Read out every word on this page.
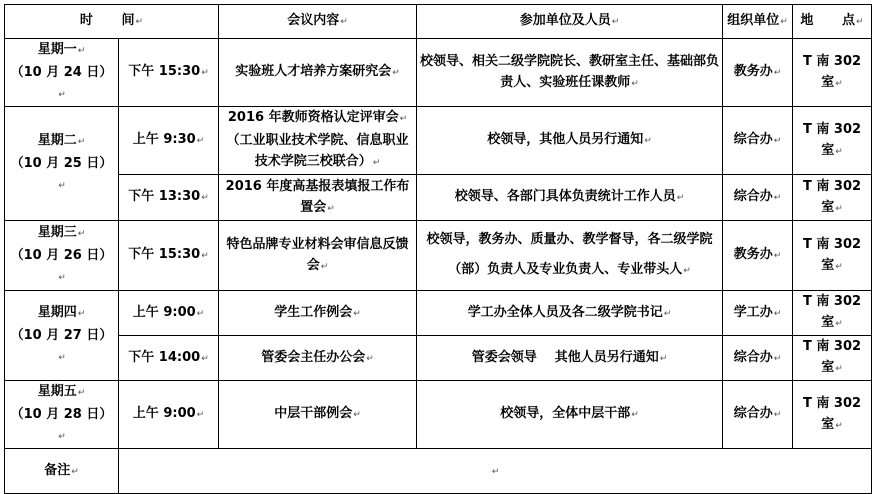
时 间↵		会议内容↵	参加单位及人员↵	组织单位↵	地 点↵
星期一↵
（10 月 24 日）↵	下午 15:30↵	实验班人才培养方案研究会↵	校领导、相关二级学院院长、教研室主任、基础部负责人、实验班任课教师↵	教务办↵	T 南 302 室↵
星期二↵
（10 月 25 日）↵	上午 9:30↵	2016 年教师资格认定评审会↵
（工业职业技术学院、信息职业技术学院三校联合）↵	校领导，其他人员另行通知↵	综合办↵	T 南 302 室↵
	下午 13:30↵	2016 年度高基报表填报工作布置会↵	校领导、各部门具体负责统计工作人员↵	综合办↵	T 南 302 室↵
星期三↵
（10 月 26 日）↵	下午 15:30↵	特色品牌专业材料会审信息反馈会↵	校领导，教务办、质量办、教学督导，各二级学院
（部）负责人及专业负责人、专业带头人↵	教务办↵	T 南 302 室↵
星期四↵
（10 月 27 日）↵	上午 9:00↵	学生工作例会↵	学工办全体人员及各二级学院书记↵	学工办↵	T 南 302 室↵
	下午 14:00↵	管委会主任办公会↵	管委会领导    其他人员另行通知↵	综合办↵	T 南 302 室↵
星期五↵
（10 月 28 日）↵	上午 9:00↵	中层干部例会↵	校领导，全体中层干部↵	综合办↵	T 南 302 室↵
备注↵	↵				
